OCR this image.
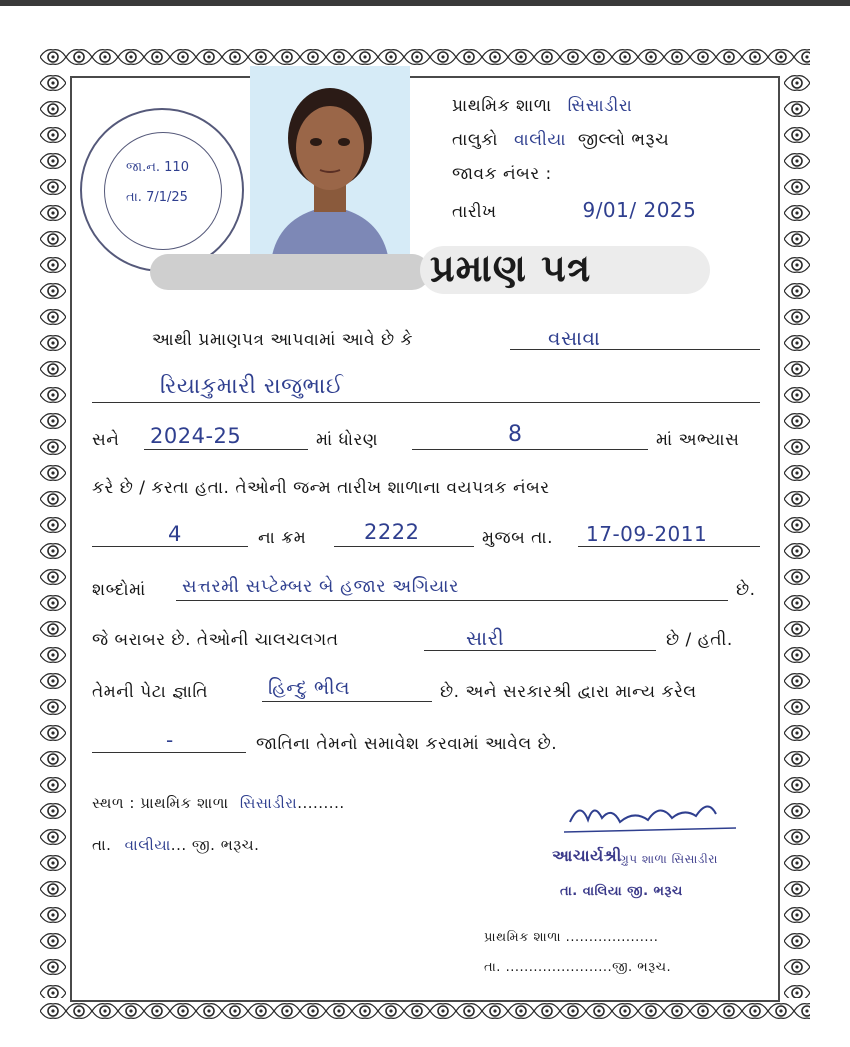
જા.ન. 110
તા. 7/1/25
પ્રાથમિક શાળા સિસાડીરા
તાલુકો વાલીયા જીલ્લો ભરૂચ
જાવક નંબર :
તારીખ	9/01/ 2025
પ્રમાણ પત્ર
આથી પ્રમાણપત્ર આપવામાં આવે છે કે	વસાવા
રિયાકુમારી રાજુભાઈ
સને 2024-25	માં ધોરણ	8	માં અભ્યાસ
કરે છે / કરતા હતા. તેઓની જન્મ તારીખ શાળાના વયપત્રક નંબર
4	ના ક્રમ	2222	મુજબ તા. 17-09-2011
શબ્દોમાં સત્તરમી સપ્ટેમ્બર બે હજાર અગિયાર	છે.
જે બરાબર છે. તેઓની ચાલચલગત	સારી	છે / હતી.
તેમની પેટા જ્ઞાતિ	હિન્દુ ભીલ	છે. અને સરકારશ્રી દ્વારા માન્ય કરેલ
-	જાતિના તેમનો સમાવેશ કરવામાં આવેલ છે.
સ્થળ : પ્રાથમિક શાળા સિસાડીરા.........
તા. વાલીયા... જી. ભરૂચ.
આચાર્યશ્રી
ગ્રુપ શાળા સિસાડીરા
તા. વાલિયા જી. ભરૂચ
પ્રાથમિક શાળા ....................
તા. .......................જી. ભરૂચ.
